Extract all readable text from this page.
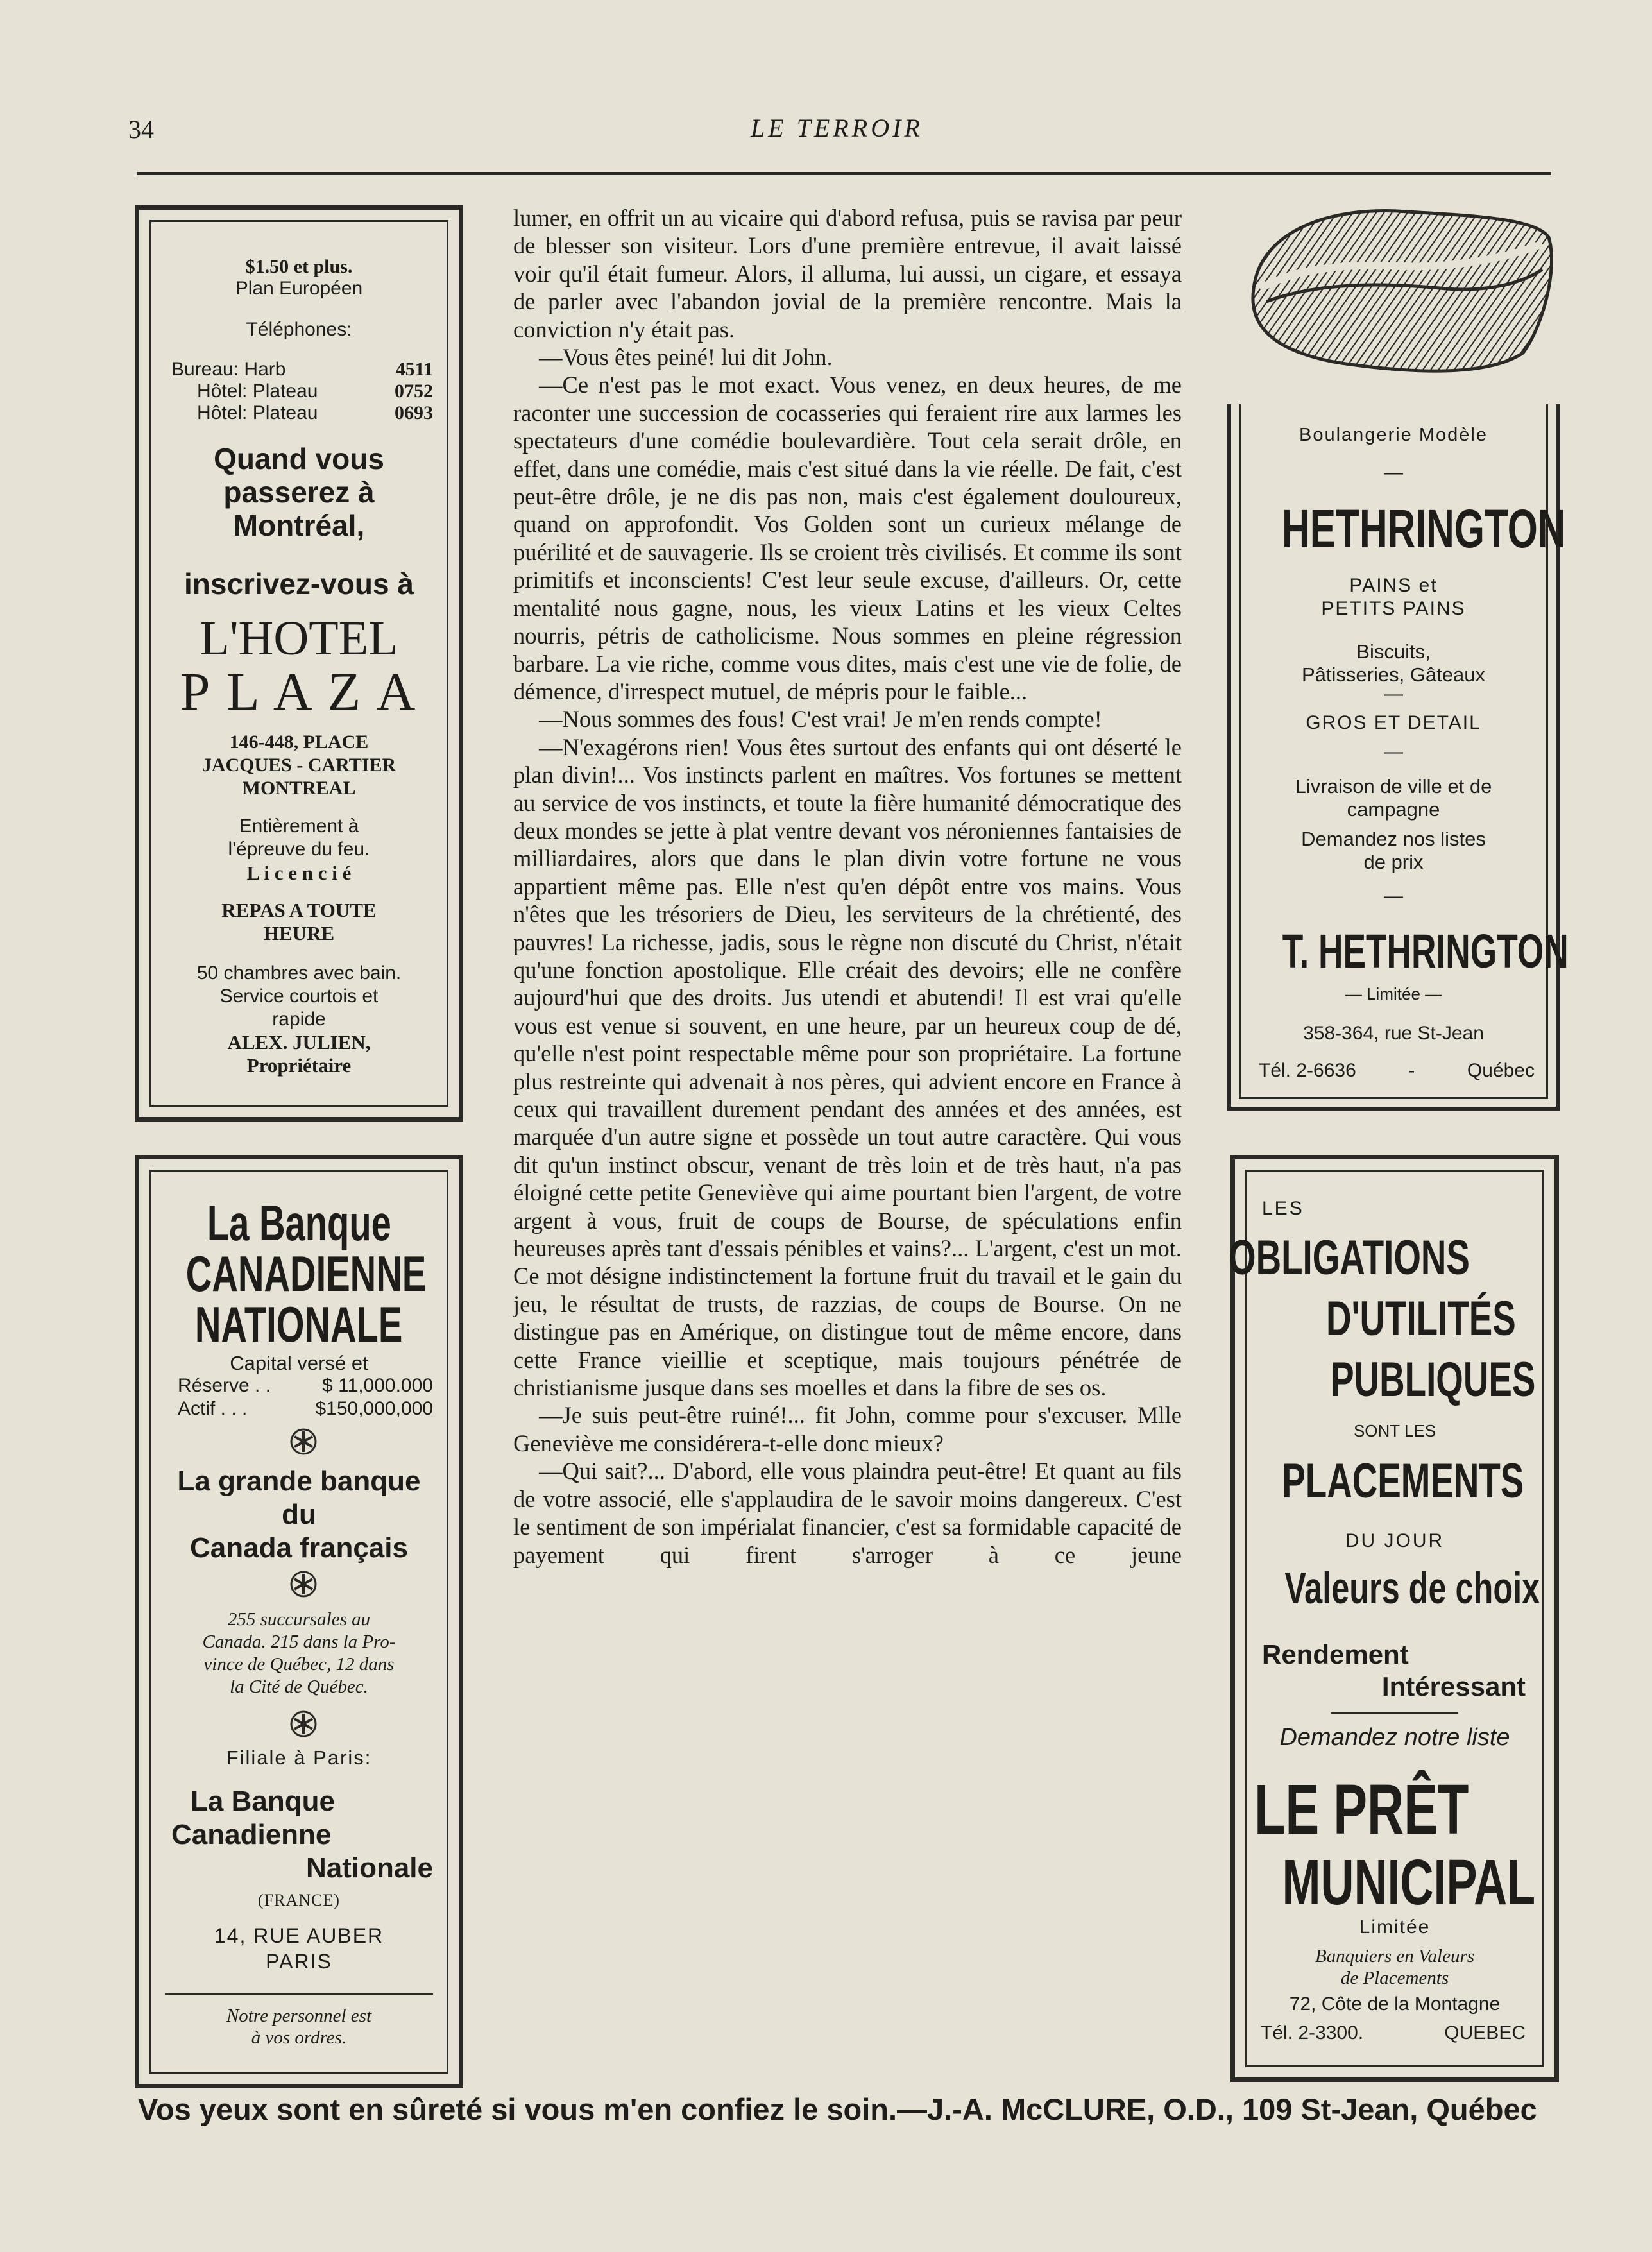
34	LE TERROIR
$1.50 et plus.
Plan Européen
Téléphones:
Bureau: Harb	4511
Hôtel: Plateau	0752
Hôtel: Plateau	0693
Quand vous
passerez à
Montréal,
inscrivez-vous à
L'HOTEL
P L A Z A
146-448, PLACE
JACQUES - CARTIER
MONTREAL
Entièrement à
l'épreuve du feu.
L i c e n c i é
REPAS A TOUTE
HEURE
50 chambres avec bain.
Service courtois et
rapide
ALEX. JULIEN,
Propriétaire
La Banque
CANADIENNE
NATIONALE
Capital versé et
Réserve . .	$ 11,000.000
Actif . . .	$150,000,000
La grande banque
du
Canada français
255 succursales au
Canada. 215 dans la Pro-
vince de Québec, 12 dans
la Cité de Québec.
Filiale à Paris:
La Banque
Canadienne
Nationale
(FRANCE)
14, RUE AUBER
PARIS
Notre personnel est
à vos ordres.

lumer, en offrit un au vicaire qui d'abord refusa, puis se ravisa par peur de blesser son visiteur. Lors d'une première entrevue, il avait laissé voir qu'il était fumeur. Alors, il alluma, lui aussi, un cigare, et essaya de parler avec l'abandon jovial de la première rencontre. Mais la conviction n'y était pas.

—Vous êtes peiné! lui dit John.

—Ce n'est pas le mot exact. Vous venez, en deux heures, de me raconter une succession de cocasseries qui feraient rire aux larmes les spectateurs d'une comédie boulevardière. Tout cela serait drôle, en effet, dans une comédie, mais c'est situé dans la vie réelle. De fait, c'est peut-être drôle, je ne dis pas non, mais c'est également douloureux, quand on approfondit. Vos Golden sont un curieux mélange de puérilité et de sauvagerie. Ils se croient très civilisés. Et comme ils sont primitifs et inconscients! C'est leur seule excuse, d'ailleurs. Or, cette mentalité nous gagne, nous, les vieux Latins et les vieux Celtes nourris, pétris de catholicisme. Nous sommes en pleine régression barbare. La vie riche, comme vous dites, mais c'est une vie de folie, de démence, d'irrespect mutuel, de mépris pour le faible...

—Nous sommes des fous! C'est vrai! Je m'en rends compte!

—N'exagérons rien! Vous êtes surtout des enfants qui ont déserté le plan divin!... Vos instincts parlent en maîtres. Vos fortunes se mettent au service de vos instincts, et toute la fière humanité démocratique des deux mondes se jette à plat ventre devant vos néroniennes fantaisies de milliardaires, alors que dans le plan divin votre fortune ne vous appartient même pas. Elle n'est qu'en dépôt entre vos mains. Vous n'êtes que les trésoriers de Dieu, les serviteurs de la chrétienté, des pauvres! La richesse, jadis, sous le règne non discuté du Christ, n'était qu'une fonction apostolique. Elle créait des devoirs; elle ne confère aujourd'hui que des droits. Jus utendi et abutendi! Il est vrai qu'elle vous est venue si souvent, en une heure, par un heureux coup de dé, qu'elle n'est point respectable même pour son propriétaire. La fortune plus restreinte qui advenait à nos pères, qui advient encore en France à ceux qui travaillent durement pendant des années et des années, est marquée d'un autre signe et possède un tout autre caractère. Qui vous dit qu'un instinct obscur, venant de très loin et de très haut, n'a pas éloigné cette petite Geneviève qui aime pourtant bien l'argent, de votre argent à vous, fruit de coups de Bourse, de spéculations enfin heureuses après tant d'essais pénibles et vains?... L'argent, c'est un mot. Ce mot désigne indistinctement la fortune fruit du travail et le gain du jeu, le résultat de trusts, de razzias, de coups de Bourse. On ne distingue pas en Amérique, on distingue tout de même encore, dans cette France vieillie et sceptique, mais toujours pénétrée de christianisme jusque dans ses moelles et dans la fibre de ses os.

—Je suis peut-être ruiné!... fit John, comme pour s'excuser. Mlle Geneviève me considérera-t-elle donc mieux?

—Qui sait?... D'abord, elle vous plaindra peut-être! Et quant au fils de votre associé, elle s'applaudira de le savoir moins dangereux. C'est le sentiment de son impérialat financier, c'est sa formidable capacité de payement qui firent s'arroger à ce jeune

Boulangerie Modèle
—
HETHRINGTON
PAINS et
PETITS PAINS
Biscuits,
Pâtisseries, Gâteaux
—
GROS ET DETAIL
—
Livraison de ville et de
campagne
Demandez nos listes
de prix
—
T. HETHRINGTON
— Limitée —
358-364, rue St-Jean
Tél. 2-6636	-	Québec
LES
OBLIGATIONS
D'UTILITÉS
PUBLIQUES
SONT LES
PLACEMENTS
DU JOUR
Valeurs de choix
Rendement
Intéressant
Demandez notre liste
LE PRÊT
MUNICIPAL
Limitée
Banquiers en Valeurs
de Placements
72, Côte de la Montagne
Tél. 2-3300.	QUEBEC
Vos yeux sont en sûreté si vous m'en confiez le soin.—J.-A. McCLURE, O.D., 109 St-Jean, Québec
